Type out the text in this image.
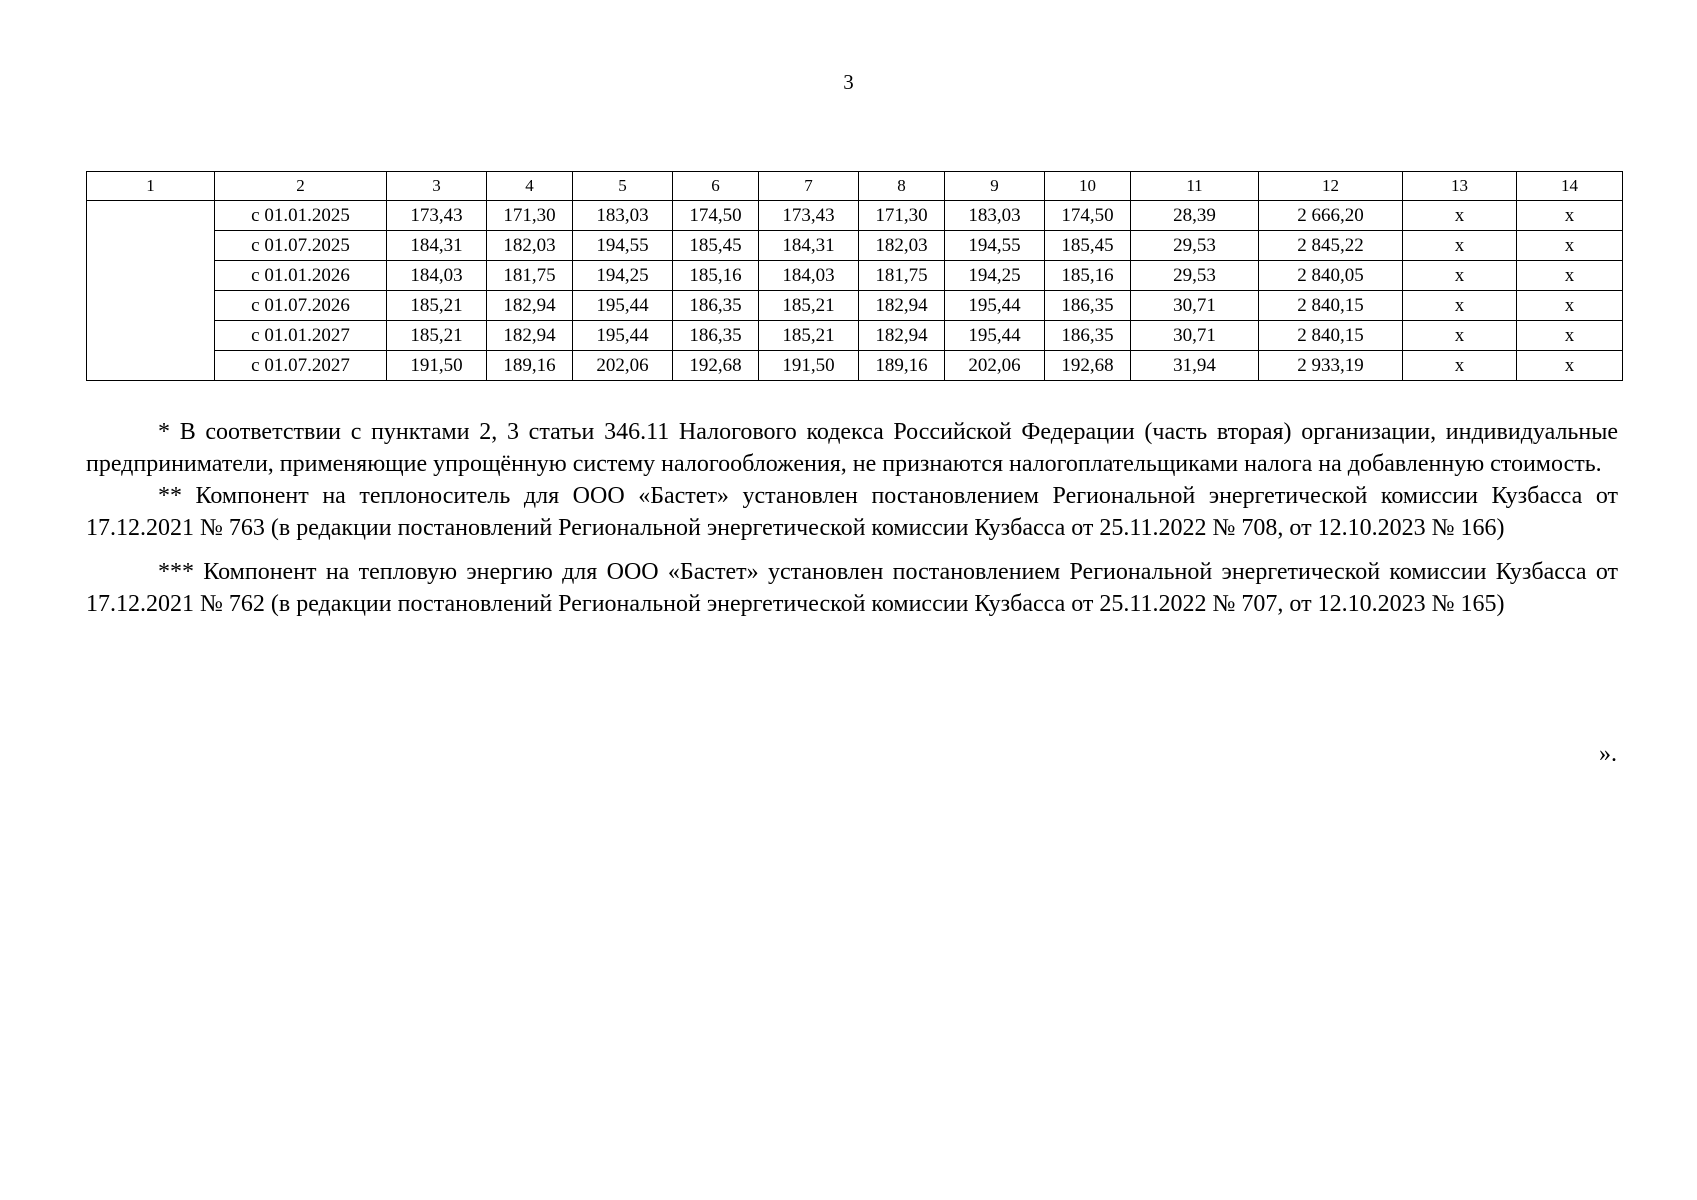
3
1	2	3	4	5	6	7	8	9	10	11	12	13	14
	с 01.01.2025	173,43	171,30	183,03	174,50	173,43	171,30	183,03	174,50	28,39	2 666,20	х	х
	с 01.07.2025	184,31	182,03	194,55	185,45	184,31	182,03	194,55	185,45	29,53	2 845,22	х	х
	с 01.01.2026	184,03	181,75	194,25	185,16	184,03	181,75	194,25	185,16	29,53	2 840,05	х	х
	с 01.07.2026	185,21	182,94	195,44	186,35	185,21	182,94	195,44	186,35	30,71	2 840,15	х	х
	с 01.01.2027	185,21	182,94	195,44	186,35	185,21	182,94	195,44	186,35	30,71	2 840,15	х	х
	с 01.07.2027	191,50	189,16	202,06	192,68	191,50	189,16	202,06	192,68	31,94	2 933,19	х	х

* В соответствии с пунктами 2, 3 статьи 346.11 Налогового кодекса Российской Федерации (часть вторая) организации, индивидуальные предприниматели, применяющие упрощённую систему налогообложения, не признаются налогоплательщиками налога на добавленную стоимость.

** Компонент на теплоноситель для ООО «Бастет» установлен постановлением Региональной энергетической комиссии Кузбасса от 17.12.2021 № 763 (в редакции постановлений Региональной энергетической комиссии Кузбасса от 25.11.2022 № 708, от 12.10.2023 № 166)

*** Компонент на тепловую энергию для ООО «Бастет» установлен постановлением Региональной энергетической комиссии Кузбасса от 17.12.2021 № 762 (в редакции постановлений Региональной энергетической комиссии Кузбасса от 25.11.2022 № 707, от 12.10.2023 № 165)

».
